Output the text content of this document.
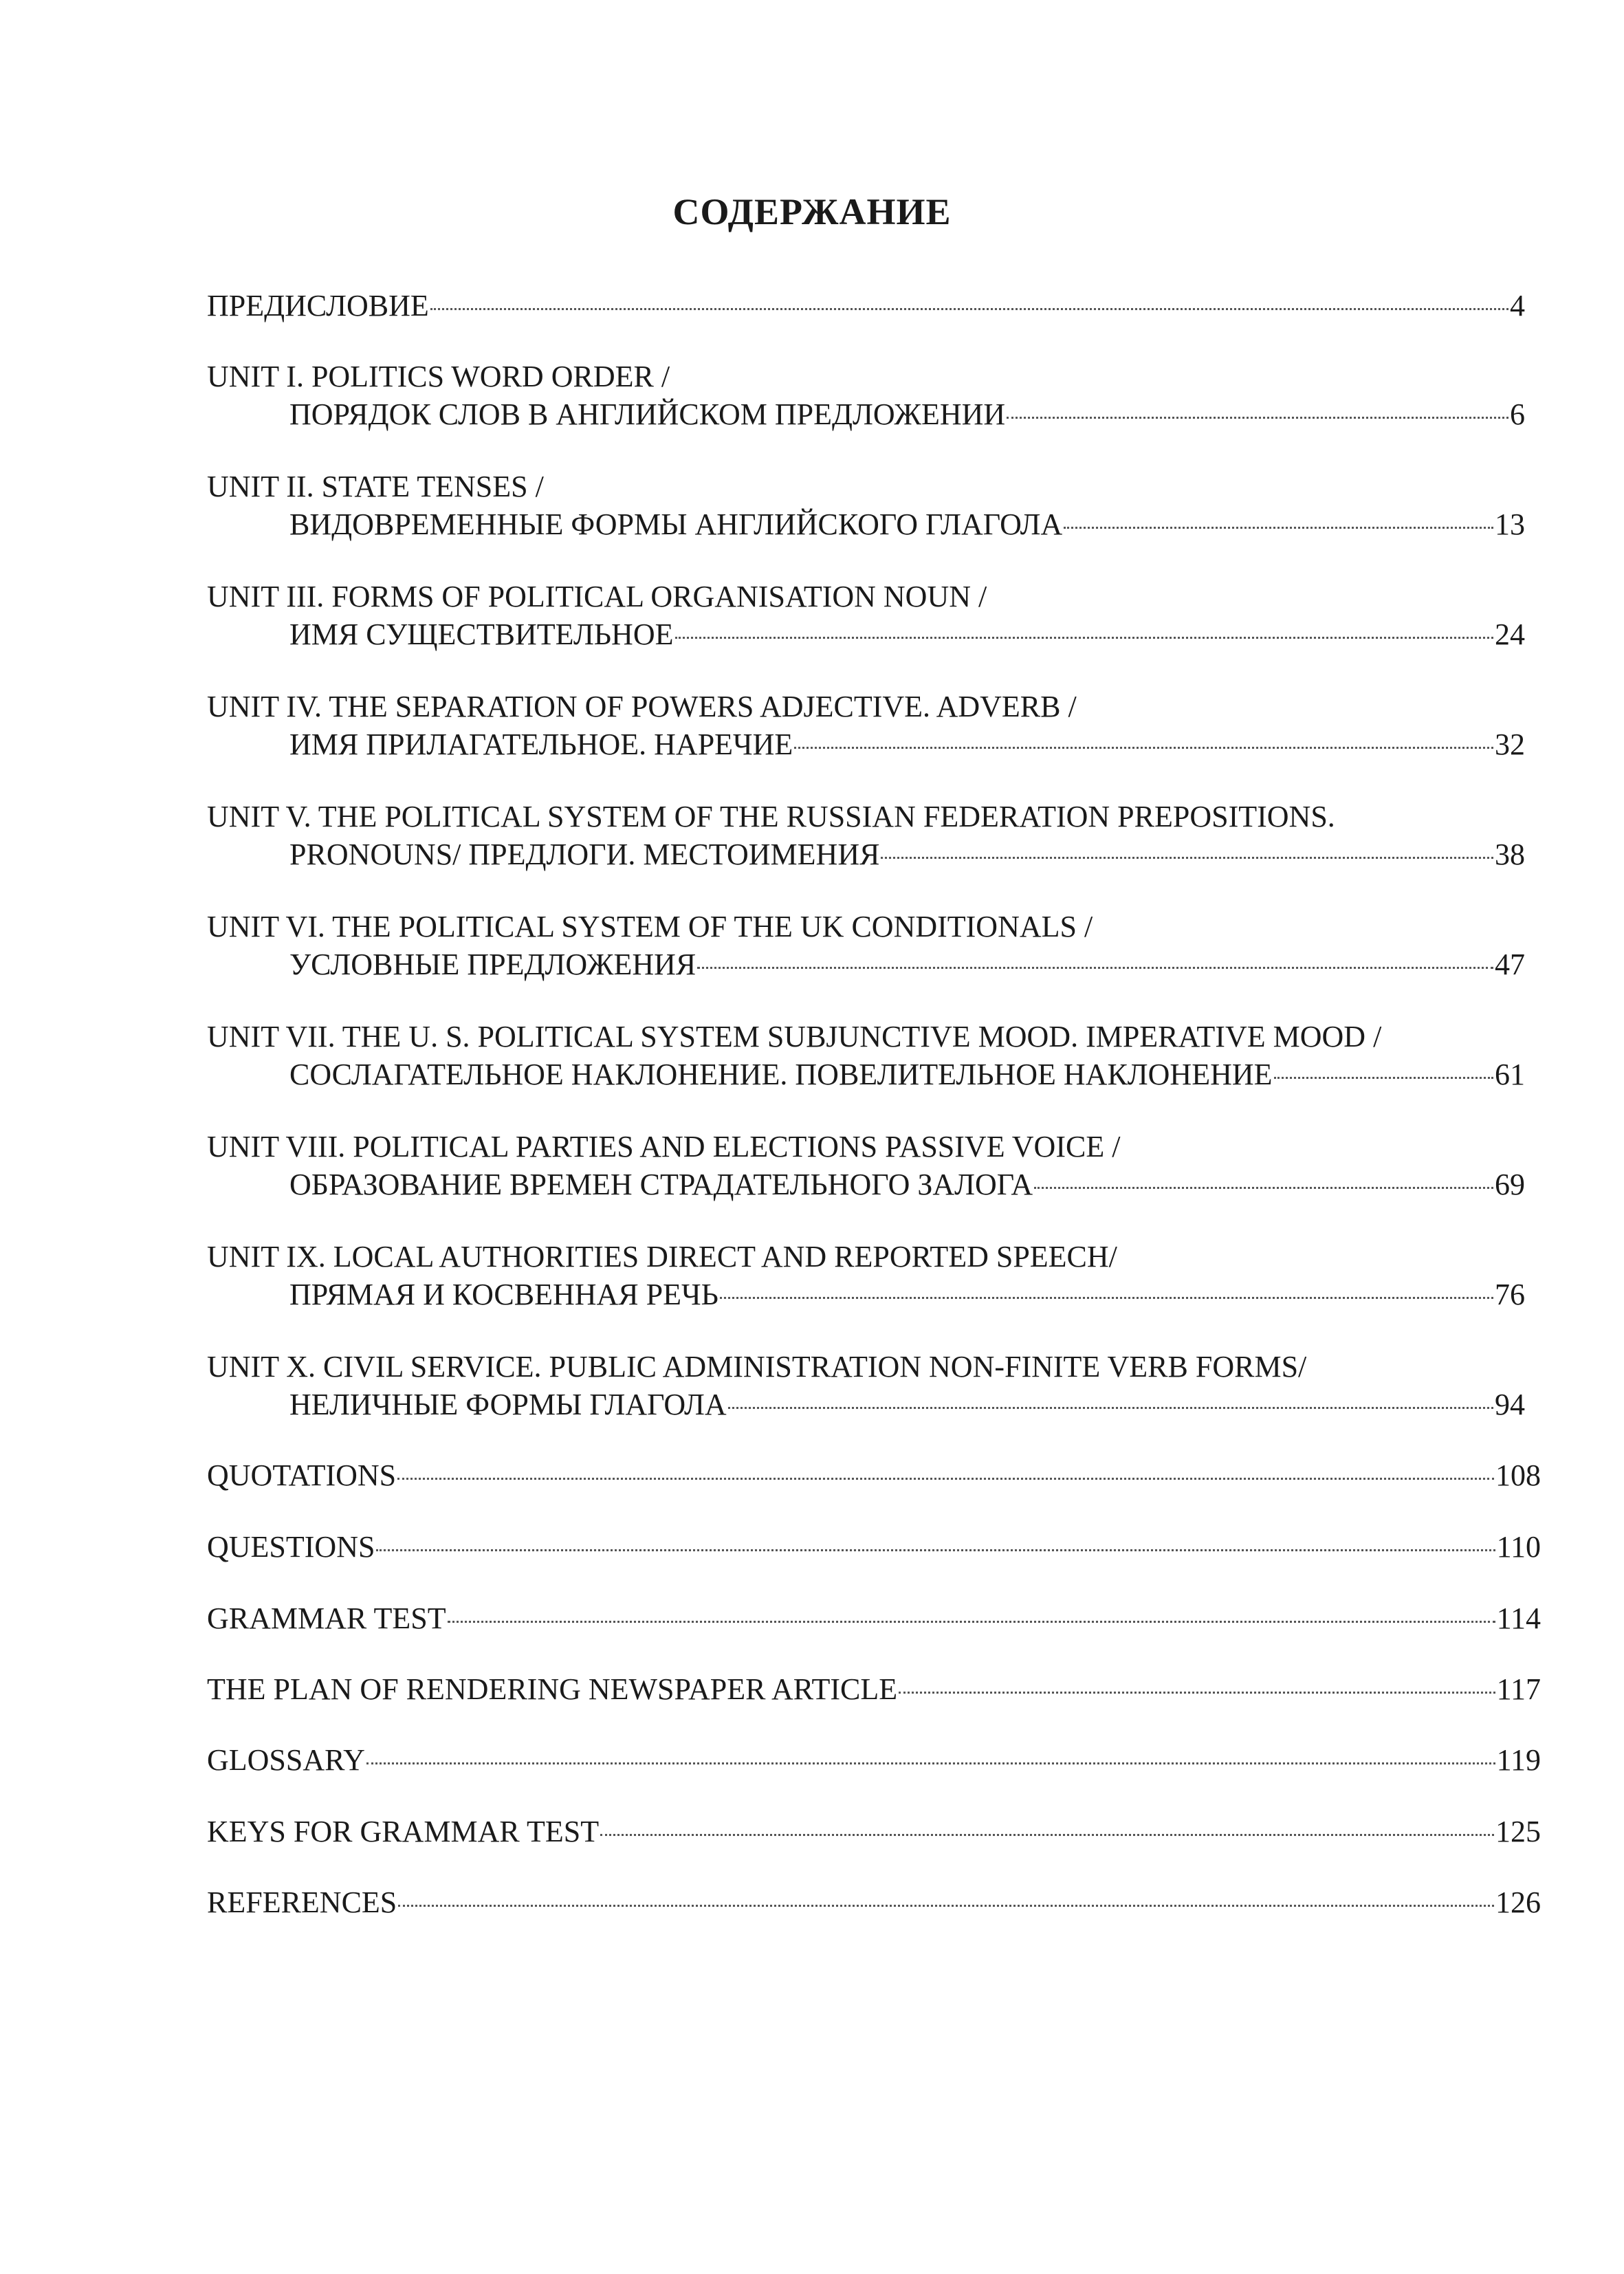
СОДЕРЖАНИЕ
ПРЕДИСЛОВИЕ	4
UNIT I. POLITICS WORD ORDER /
ПОРЯДОК СЛОВ В АНГЛИЙСКОМ ПРЕДЛОЖЕНИИ	6
UNIT II. STATE TENSES /
ВИДОВРЕМЕННЫЕ ФОРМЫ АНГЛИЙСКОГО ГЛАГОЛА	13
UNIT III. FORMS OF POLITICAL ORGANISATION NOUN /
ИМЯ СУЩЕСТВИТЕЛЬНОЕ	24
UNIT IV. THE SEPARATION OF POWERS ADJECTIVE. ADVERB /
ИМЯ ПРИЛАГАТЕЛЬНОЕ. НАРЕЧИЕ	32
UNIT V. THE POLITICAL SYSTEM OF THE RUSSIAN FEDERATION PREPOSITIONS.
PRONOUNS/ ПРЕДЛОГИ. МЕСТОИМЕНИЯ	38
UNIT VI. THE POLITICAL SYSTEM OF THE UK CONDITIONALS /
УСЛОВНЫЕ ПРЕДЛОЖЕНИЯ	47
UNIT VII. THE U. S. POLITICAL SYSTEM SUBJUNCTIVE MOOD. IMPERATIVE MOOD /
СОСЛАГАТЕЛЬНОЕ НАКЛОНЕНИЕ. ПОВЕЛИТЕЛЬНОЕ НАКЛОНЕНИЕ	61
UNIT VIII. POLITICAL PARTIES AND ELECTIONS PASSIVE VOICE /
ОБРАЗОВАНИЕ ВРЕМЕН СТРАДАТЕЛЬНОГО ЗАЛОГА	69
UNIT IX. LOCAL AUTHORITIES DIRECT AND REPORTED SPEECH/
ПРЯМАЯ И КОСВЕННАЯ РЕЧЬ	76
UNIT X. CIVIL SERVICE. PUBLIC ADMINISTRATION NON-FINITE VERB FORMS/
НЕЛИЧНЫЕ ФОРМЫ ГЛАГОЛА	94
QUOTATIONS	108
QUESTIONS	110
GRAMMAR TEST	114
THE PLAN OF RENDERING NEWSPAPER ARTICLE	117
GLOSSARY	119
KEYS FOR GRAMMAR TEST	125
REFERENCES	126
